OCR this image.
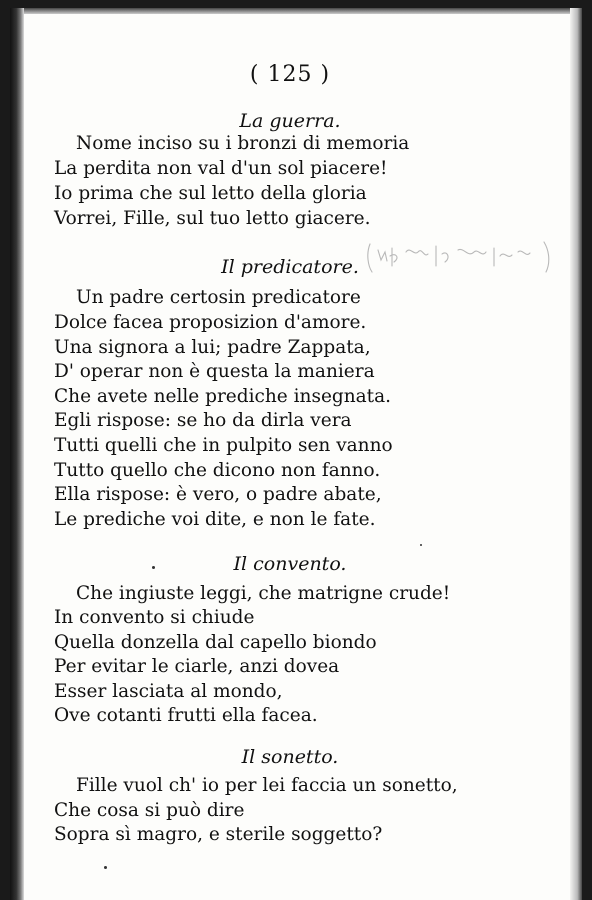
( 125 )
La guerra.
Nome inciso su i bronzi di memoria
La perdita non val d'un sol piacere!
Io prima che sul letto della gloria
Vorrei, Fille, sul tuo letto giacere.
Il predicatore.
Un padre certosin predicatore
Dolce facea proposizion d'amore.
Una signora a lui; padre Zappata,
D' operar non è questa la maniera
Che avete nelle prediche insegnata.
Egli rispose: se ho da dirla vera
Tutti quelli che in pulpito sen vanno
Tutto quello che dicono non fanno.
Ella rispose: è vero, o padre abate,
Le prediche voi dite, e non le fate.
Il convento.
Che ingiuste leggi, che matrigne crude!
In convento si chiude
Quella donzella dal capello biondo
Per evitar le ciarle, anzi dovea
Esser lasciata al mondo,
Ove cotanti frutti ella facea.
Il sonetto.
Fille vuol ch' io per lei faccia un sonetto,
Che cosa si può dire
Sopra sì magro, e sterile soggetto?
